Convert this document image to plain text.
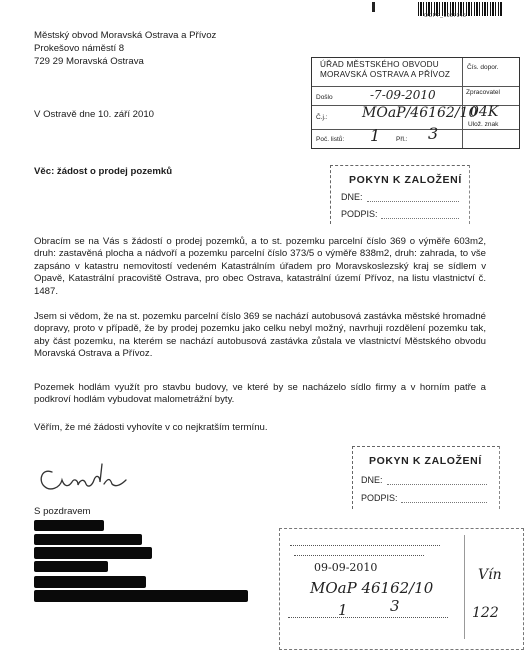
OOPF_1057045
Městský obvod Moravská Ostrava a Přívoz
Prokešovo náměstí 8
729 29 Moravská Ostrava
V Ostravě dne 10. září 2010
ÚŘAD MĚSTSKÉHO OBVODU
MORAVSKÁ OSTRAVA A PŘÍVOZ
Čís. dopor.
Došlo	-7-09-2010	Zpracovatel
Č.j.: MOaP/46162/10
04K
Ulož. znak
Poč. listů: 1 Přl.: 3
Věc: žádost o prodej pozemků
POKYN K ZALOŽENÍ
DNE:
PODPIS:
Obracím se na Vás s žádostí o prodej pozemků, a to st. pozemku parcelní číslo 369 o výměře 603m2, druh: zastavěná plocha a nádvoří a pozemku parcelní číslo 373/5 o výměře 838m2, druh: zahrada, to vše zapsáno v katastru nemovitostí vedeném Katastrálním úřadem pro Moravskoslezský kraj se sídlem v Opavě, Katastrální pracoviště Ostrava, pro obec Ostrava, katastrální území Přívoz, na listu vlastnictví č. 1487.
Jsem si vědom, že na st. pozemku parcelní číslo 369 se nachází autobusová zastávka městské hromadné dopravy, proto v případě, že by prodej pozemku jako celku nebyl možný, navrhuji rozdělení pozemku tak, aby část pozemku, na kterém se nachází autobusová zastávka zůstala ve vlastnictví Městského obvodu Moravská Ostrava a Přívoz.
Pozemek hodlám využít pro stavbu budovy, ve které by se nacházelo sídlo firmy a v horním patře a podkroví hodlám vybudovat malometrážní byty.
Věřím, že mé žádosti vyhovíte v co nejkratším termínu.
POKYN K ZALOŽENÍ
DNE:
PODPIS:
S pozdravem
09-09-2010
MOaP 46162/10
1	3
Vín
122
